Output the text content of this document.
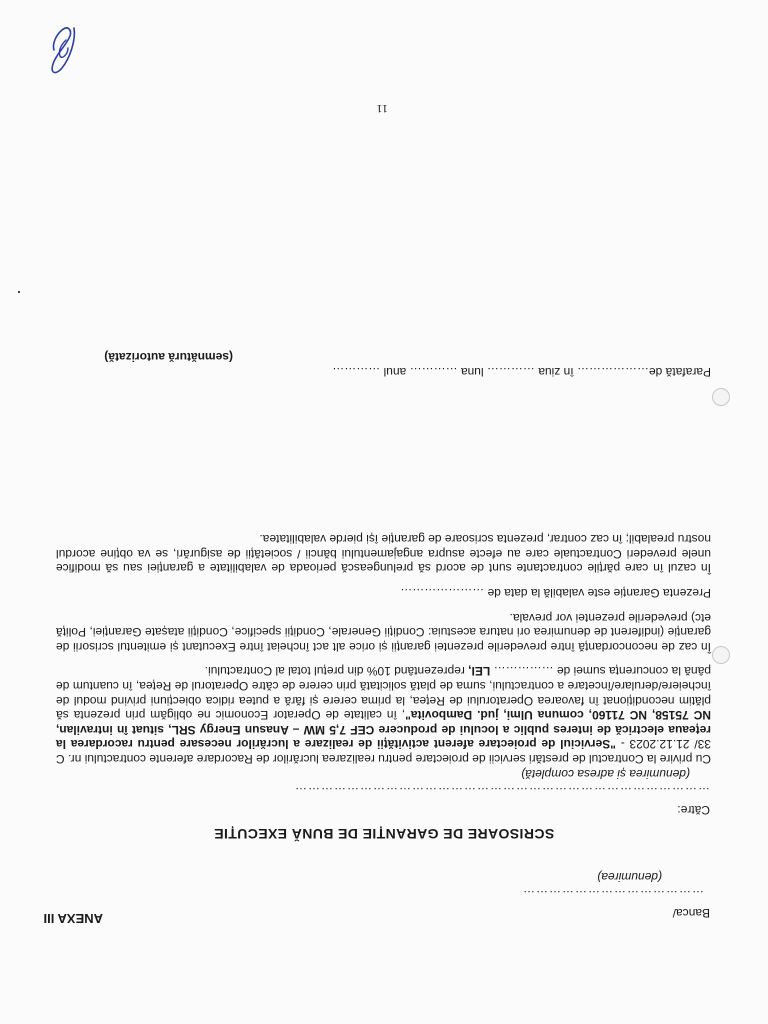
ANEXA III	Banca/
……………………………………
(denumirea)
SCRISOARE DE GARANȚIE DE BUNĂ EXECUȚIE
Către:
……………………………………………………………………………………
(denumirea și adresa completă)

Cu privire la Contractul de prestări servicii de proiectare pentru realizarea lucrărilor de Racordare aferente contractului nr. C 33/ 21.12.2023 - "Serviciul de proiectare aferent activității de realizare a lucrărilor necesare pentru racordarea la rețeaua electrică de interes public a locului de producere CEF 7,5 MW – Anasun Energy SRL, situat în intravilan, NC 75158, NC 71160, comuna Ulmi, jud. Dambovita", în calitate de Operator Economic ne obligăm prin prezenta să plătim necondiționat în favoarea Operatorului de Rețea, la prima cerere și fără a putea ridica obiecțiuni privind modul de încheiere/derulare/încetare a contractului, suma de plată solicitată prin cerere de către Operatorul de Rețea, în cuantum de până la concurența sumei de …………… LEI, reprezentând 10% din prețul total al Contractului.

În caz de neconcordanță între prevederile prezentei garanții și orice alt act încheiat între Executant și emitentul scrisorii de garanție (indiferent de denumirea ori natura acestuia: Condiții Generale, Condiții specifice, Condiții atașate Garanției, Poliță etc) prevederile prezentei vor prevala.

Prezenta Garanție este valabilă la data de …………………

În cazul în care părțile contractante sunt de acord să prelungească perioada de valabilitate a garanției sau să modifice unele prevederi Contractuale care au efecte asupra angajamentului băncii / societății de asigurări, se va obține acordul nostru prealabil; în caz contrar, prezenta scrisoare de garanție își pierde valabilitatea.

Parafată de……………… în ziua ………… luna ………… anul …………
(semnătură autorizată)
11
